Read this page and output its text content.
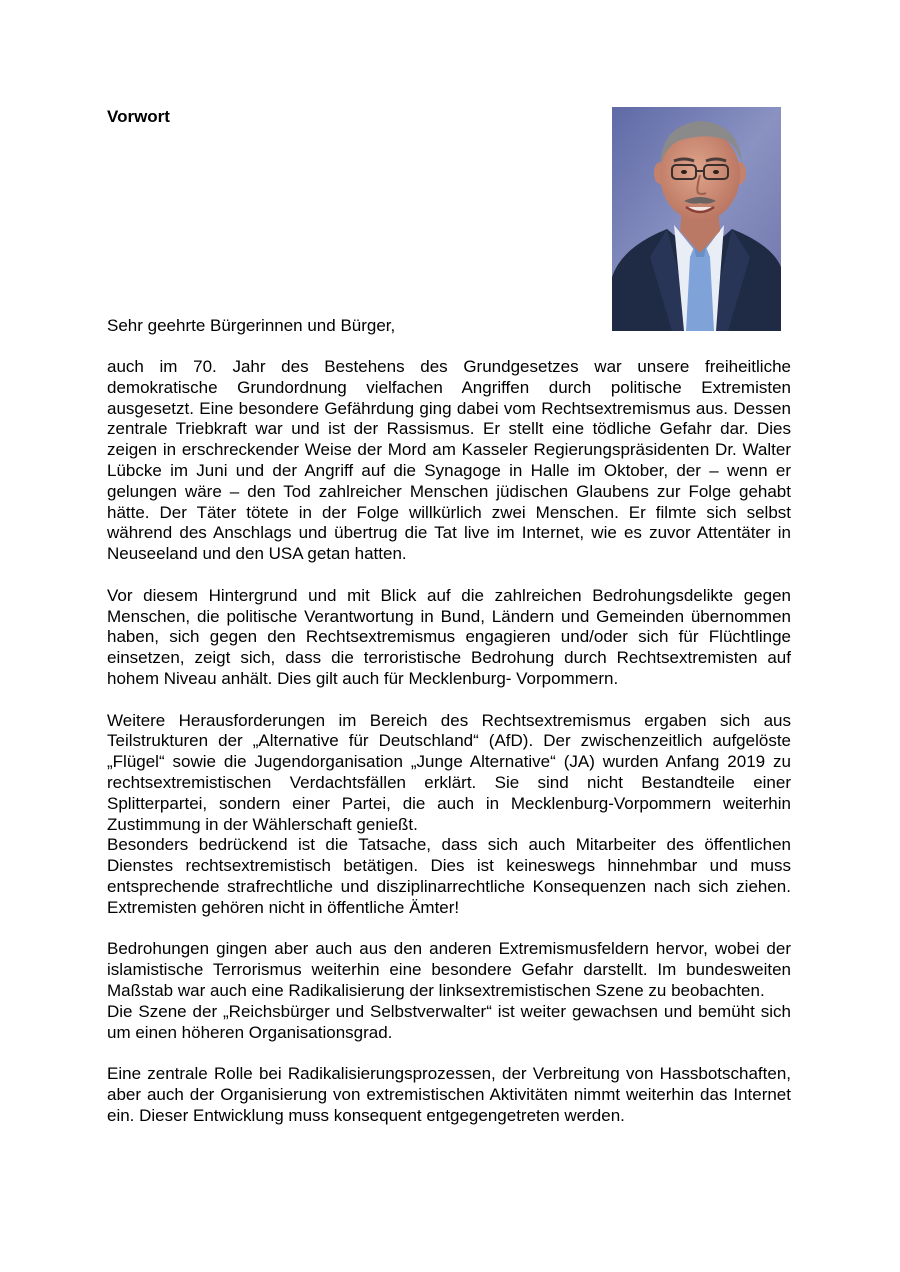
Vorwort
Sehr geehrte Bürgerinnen und Bürger,

auch im 70. Jahr des Bestehens des Grundgesetzes war unsere freiheitliche demokratische Grundordnung vielfachen Angriffen durch politische Extremisten ausgesetzt. Eine besondere Gefährdung ging dabei vom Rechtsextremismus aus. Dessen zentrale Triebkraft war und ist der Rassismus. Er stellt eine tödliche Gefahr dar. Dies zeigen in erschreckender Weise der Mord am Kasseler Regierungspräsidenten Dr. Walter Lübcke im Juni und der Angriff auf die Synagoge in Halle im Oktober, der – wenn er gelungen wäre – den Tod zahlreicher Menschen jüdischen Glaubens zur Folge gehabt hätte. Der Täter tötete in der Folge willkürlich zwei Menschen. Er filmte sich selbst während des Anschlags und übertrug die Tat live im Internet, wie es zuvor Attentäter in Neuseeland und den USA getan hatten.

Vor diesem Hintergrund und mit Blick auf die zahlreichen Bedrohungsdelikte gegen Menschen, die politische Verantwortung in Bund, Ländern und Gemeinden übernommen haben, sich gegen den Rechtsextremismus engagieren und/oder sich für Flüchtlinge einsetzen, zeigt sich, dass die terroristische Bedrohung durch Rechtsextremisten auf hohem Niveau anhält. Dies gilt auch für Mecklenburg- Vorpommern.

Weitere Herausforderungen im Bereich des Rechtsextremismus ergaben sich aus Teilstrukturen der „Alternative für Deutschland“ (AfD). Der zwischenzeitlich aufgelöste „Flügel“ sowie die Jugendorganisation „Junge Alternative“ (JA) wurden Anfang 2019 zu rechtsextremistischen Verdachtsfällen erklärt. Sie sind nicht Bestandteile einer Splitterpartei, sondern einer Partei, die auch in Mecklenburg-Vorpommern weiterhin Zustimmung in der Wählerschaft genießt.

Besonders bedrückend ist die Tatsache, dass sich auch Mitarbeiter des öffentlichen Dienstes rechtsextremistisch betätigen. Dies ist keineswegs hinnehmbar und muss entsprechende strafrechtliche und disziplinarrechtliche Konsequenzen nach sich ziehen. Extremisten gehören nicht in öffentliche Ämter!

Bedrohungen gingen aber auch aus den anderen Extremismusfeldern hervor, wobei der islamistische Terrorismus weiterhin eine besondere Gefahr darstellt. Im bundesweiten Maßstab war auch eine Radikalisierung der linksextremistischen Szene zu beobachten.

Die Szene der „Reichsbürger und Selbstverwalter“ ist weiter gewachsen und bemüht sich um einen höheren Organisationsgrad.

Eine zentrale Rolle bei Radikalisierungsprozessen, der Verbreitung von Hassbotschaften, aber auch der Organisierung von extremistischen Aktivitäten nimmt weiterhin das Internet ein. Dieser Entwicklung muss konsequent entgegengetreten werden.
